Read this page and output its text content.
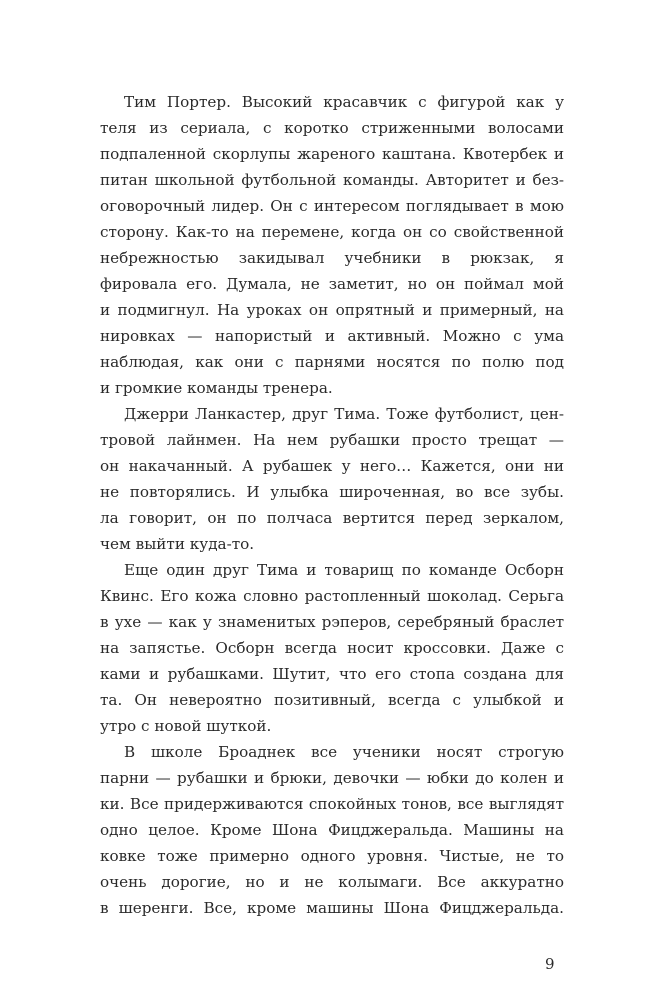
Тим Портер. Высокий красавчик с фигурой как у
теля из сериала, с коротко стриженными волосами
подпаленной скорлупы жареного каштана. Квотербек и
питан школьной футбольной команды. Авторитет и без-
оговорочный лидер. Он с интересом поглядывает в мою
сторону. Как-то на перемене, когда он со свойственной
небрежностью закидывал учебники в рюкзак, я
фировала его. Думала, не заметит, но он поймал мой
и подмигнул. На уроках он опрятный и примерный, на
нировках — напористый и активный. Можно с ума
наблюдая, как они с парнями носятся по полю под
и громкие команды тренера.
Джерри Ланкастер, друг Тима. Тоже футболист, цен-
тровой лайнмен. На нем рубашки просто трещат —
он накачанный. А рубашек у него… Кажется, они ни
не повторялись. И улыбка широченная, во все зубы.
ла говорит, он по полчаса вертится перед зеркалом,
чем выйти куда-то.
Еще один друг Тима и товарищ по команде Осборн
Квинс. Его кожа словно растопленный шоколад. Серьга
в ухе — как у знаменитых рэперов, серебряный браслет
на запястье. Осборн всегда носит кроссовки. Даже с
ками и рубашками. Шутит, что его стопа создана для
та. Он невероятно позитивный, всегда с улыбкой и
утро с новой шуткой.
В школе Броаднек все ученики носят строгую
парни — рубашки и брюки, девочки — юбки до колен и
ки. Все придерживаются спокойных тонов, все выглядят
одно целое. Кроме Шона Фицджеральда. Машины на
ковке тоже примерно одного уровня. Чистые, не то
очень дорогие, но и не колымаги. Все аккуратно
в шеренги. Все, кроме машины Шона Фицджеральда.
9
